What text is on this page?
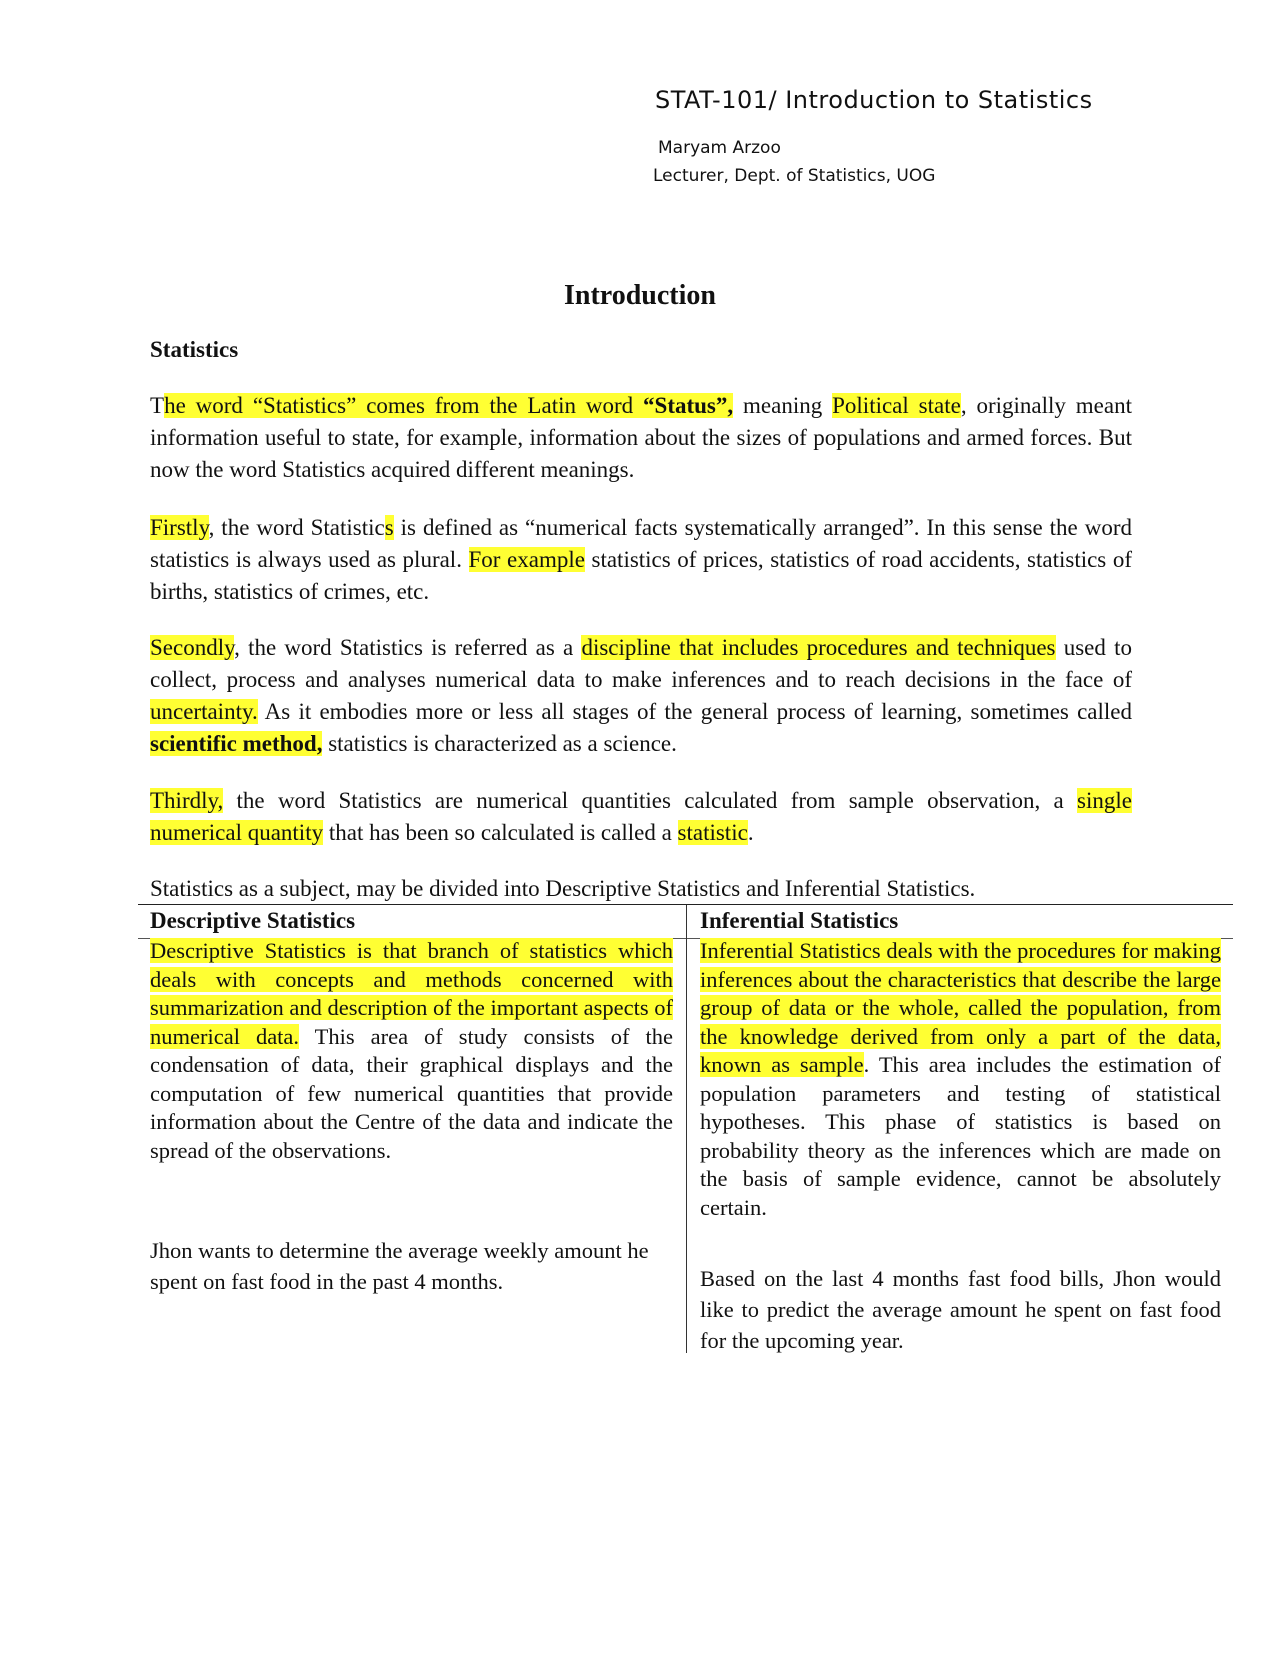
STAT-101/ Introduction to Statistics
Maryam Arzoo
Lecturer, Dept. of Statistics, UOG
Introduction
Statistics
The word “Statistics” comes from the Latin word “Status”, meaning Political state, originally meant information useful to state, for example, information about the sizes of populations and armed forces. But now the word Statistics acquired different meanings.
Firstly, the word Statistics is defined as “numerical facts systematically arranged”. In this sense the word statistics is always used as plural. For example statistics of prices, statistics of road accidents, statistics of births, statistics of crimes, etc.
Secondly, the word Statistics is referred as a discipline that includes procedures and techniques used to collect, process and analyses numerical data to make inferences and to reach decisions in the face of uncertainty. As it embodies more or less all stages of the general process of learning, sometimes called scientific method, statistics is characterized as a science.
Thirdly, the word Statistics are numerical quantities calculated from sample observation, a single numerical quantity that has been so calculated is called a statistic.
Statistics as a subject, may be divided into Descriptive Statistics and Inferential Statistics.
Descriptive Statistics
Descriptive Statistics is that branch of statistics which deals with concepts and methods concerned with summarization and description of the important aspects of numerical data. This area of study consists of the condensation of data, their graphical displays and the computation of few numerical quantities that provide information about the Centre of the data and indicate the spread of the observations.
Jhon wants to determine the average weekly amount he spent on fast food in the past 4 months.
Inferential Statistics
Inferential Statistics deals with the procedures for making inferences about the characteristics that describe the large group of data or the whole, called the population, from the knowledge derived from only a part of the data, known as sample. This area includes the estimation of population parameters and testing of statistical hypotheses. This phase of statistics is based on probability theory as the inferences which are made on the basis of sample evidence, cannot be absolutely certain.
Based on the last 4 months fast food bills, Jhon would like to predict the average amount he spent on fast food for the upcoming year.
